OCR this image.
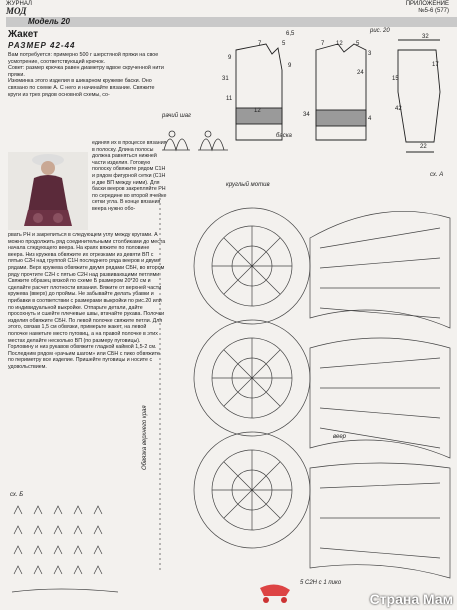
ЖУРНАЛ
МОД
ПРИЛОЖЕНИЕ
№5-6 (577)
Модель 20
Жакет
РАЗМЕР 42-44

Вам потребуется: примерно 500 г шерстяной пряжи на свое усмотрение, соответствующий крючок.

Совет: размер крючка равен диаметру вдвое скрученной нити пряжи.

Изюминка этого изделия в шикарном кружеве баски. Оно связано по схеме А. С него и начинайте вязание. Свяжите круги из трех рядов основной схемы, со-

единяя их в процессе вязания в полоску. Длина полосы должна равняться нижней части изделия. Готовую полоску обвяжите рядом С1Н и рядом фигурной сетки (С1Н и две ВП между ними). Для баски вееров закрепляйте РН по середине во второй ячейке сетки угла. В конце вязания веера нужно обо-
рвать РН и закрепиться в следующем углу между кругами. А можно продолжить ряд соединительными столбиками до места начала следующего веера. На краях вяжите по половине веера. Низ кружева обвяжите их отрезками из девяти ВП с пятью С2Н над группой С1Н последнего ряда вееров и двумя рядами. Верх кружева обвяжите двумя рядами СБН, во втором ряду прочтите С2Н с пятью С2Н над развивающими петлями. Свяжите образец вязкой по схеме Б размером 20*20 см и сделайте расчет плотности вязания. Вяжите от верхней части кружева (вверх) до проймы. Не забывайте делать убавки и прибавки в соответствии с размерами выкройки по рис.20 или по индивидуальной выкройке. Отпарьте детали, дайте просохнуть и сшейте плечевые швы, втачайте рукава. Полочки изделия обвяжите СБН. По левой полочке свяжите петли. Для этого, связав 1,5 см обвязки, примерьте жакет, на левой полочке наметьте место пуговиц, а на правой полочке в этих местах делайте несколько ВП (по размеру пуговицы). Горловину и низ рукавов обвяжите гладкой каймой 1,5-2 см. Последним рядом «рачьим шагом» или СБН с пико обвяжите по периметру все изделие. Пришейте пуговицы и носите с удовольствием.
рачий шаг
рис. 20
6,5
7	5
9
11
31
12
9
34
7 12 5
3
24
4
32
17
22
15
42
баска
сх. А
круглый мотив
веер
Обвязка верхнего края
5 С2Н с 1 пико
сх. Б
Страна Мам
